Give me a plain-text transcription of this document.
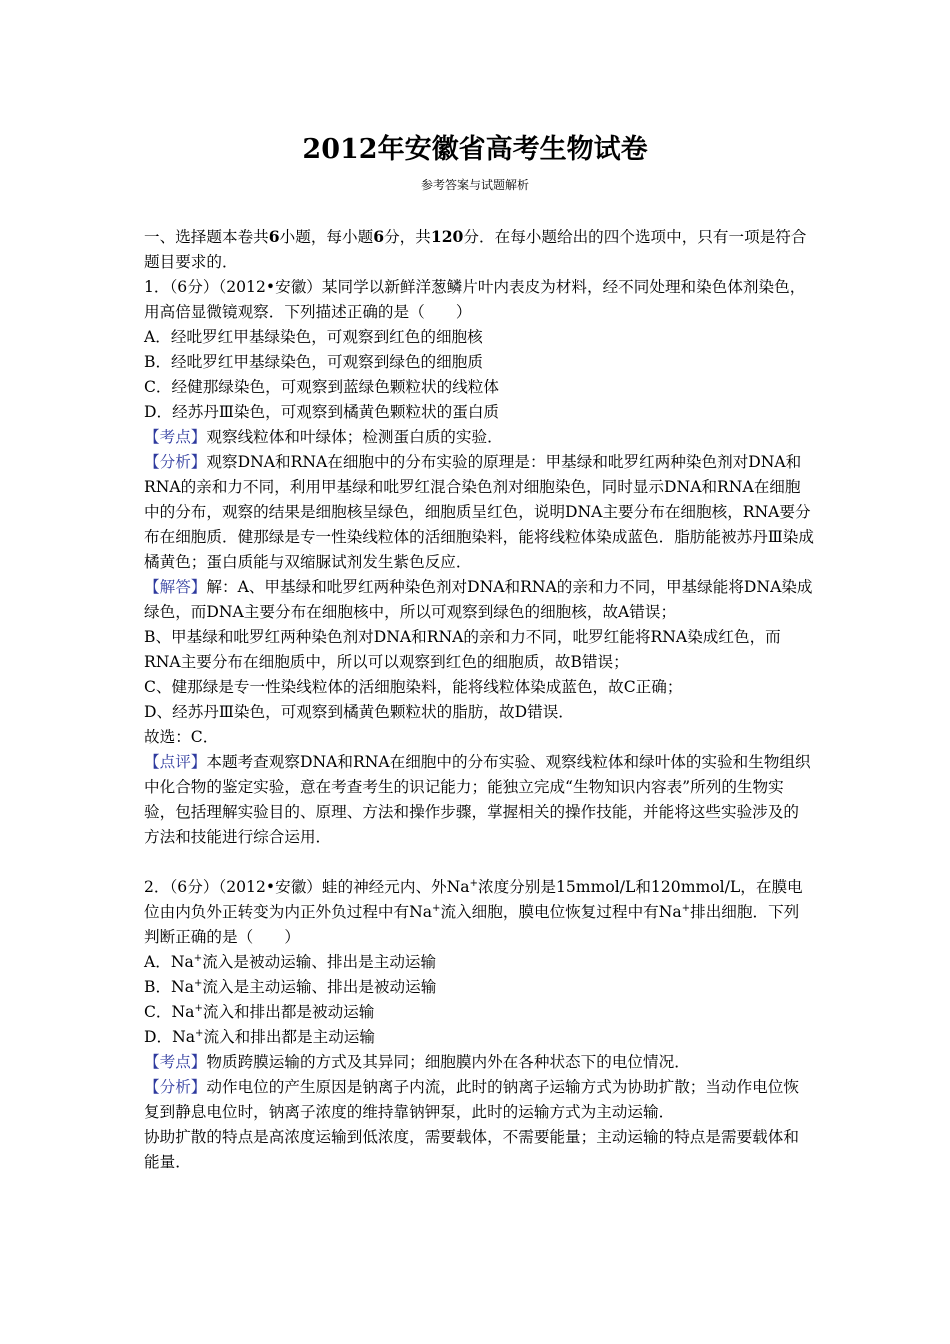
2012年安徽省高考生物试卷
参考答案与试题解析

一、选择题本卷共6小题，每小题6分，共120分．在每小题给出的四个选项中，只有一项是符合题目要求的．

1．（6分）（2012•安徽）某同学以新鲜洋葱鳞片叶内表皮为材料，经不同处理和染色体剂染色，用高倍显微镜观察．下列描述正确的是（　　）

A．经吡罗红甲基绿染色，可观察到红色的细胞核

B．经吡罗红甲基绿染色，可观察到绿色的细胞质

C．经健那绿染色，可观察到蓝绿色颗粒状的线粒体

D．经苏丹Ⅲ染色，可观察到橘黄色颗粒状的蛋白质

【考点】观察线粒体和叶绿体；检测蛋白质的实验．

【分析】观察DNA和RNA在细胞中的分布实验的原理是：甲基绿和吡罗红两种染色剂对DNA和RNA的亲和力不同，利用甲基绿和吡罗红混合染色剂对细胞染色，同时显示DNA和RNA在细胞中的分布，观察的结果是细胞核呈绿色，细胞质呈红色，说明DNA主要分布在细胞核，RNA要分布在细胞质．健那绿是专一性染线粒体的活细胞染料，能将线粒体染成蓝色．脂肪能被苏丹Ⅲ染成橘黄色；蛋白质能与双缩脲试剂发生紫色反应．

【解答】解：A、甲基绿和吡罗红两种染色剂对DNA和RNA的亲和力不同，甲基绿能将DNA染成绿色，而DNA主要分布在细胞核中，所以可观察到绿色的细胞核，故A错误；

B、甲基绿和吡罗红两种染色剂对DNA和RNA的亲和力不同，吡罗红能将RNA染成红色，而RNA主要分布在细胞质中，所以可以观察到红色的细胞质，故B错误；

C、健那绿是专一性染线粒体的活细胞染料，能将线粒体染成蓝色，故C正确；

D、经苏丹Ⅲ染色，可观察到橘黄色颗粒状的脂肪，故D错误．

故选：C．

【点评】本题考查观察DNA和RNA在细胞中的分布实验、观察线粒体和绿叶体的实验和生物组织中化合物的鉴定实验，意在考查考生的识记能力；能独立完成“生物知识内容表”所列的生物实验，包括理解实验目的、原理、方法和操作步骤，掌握相关的操作技能，并能将这些实验涉及的方法和技能进行综合运用．

2．（6分）（2012•安徽）蛙的神经元内、外Na+浓度分别是15mmol/L和120mmol/L，在膜电位由内负外正转变为内正外负过程中有Na+流入细胞，膜电位恢复过程中有Na+排出细胞．下列判断正确的是（　　）

A．Na+流入是被动运输、排出是主动运输

B．Na+流入是主动运输、排出是被动运输

C．Na+流入和排出都是被动运输

D．Na+流入和排出都是主动运输

【考点】物质跨膜运输的方式及其异同；细胞膜内外在各种状态下的电位情况．

【分析】动作电位的产生原因是钠离子内流，此时的钠离子运输方式为协助扩散；当动作电位恢复到静息电位时，钠离子浓度的维持靠钠钾泵，此时的运输方式为主动运输．

协助扩散的特点是高浓度运输到低浓度，需要载体，不需要能量；主动运输的特点是需要载体和能量．
